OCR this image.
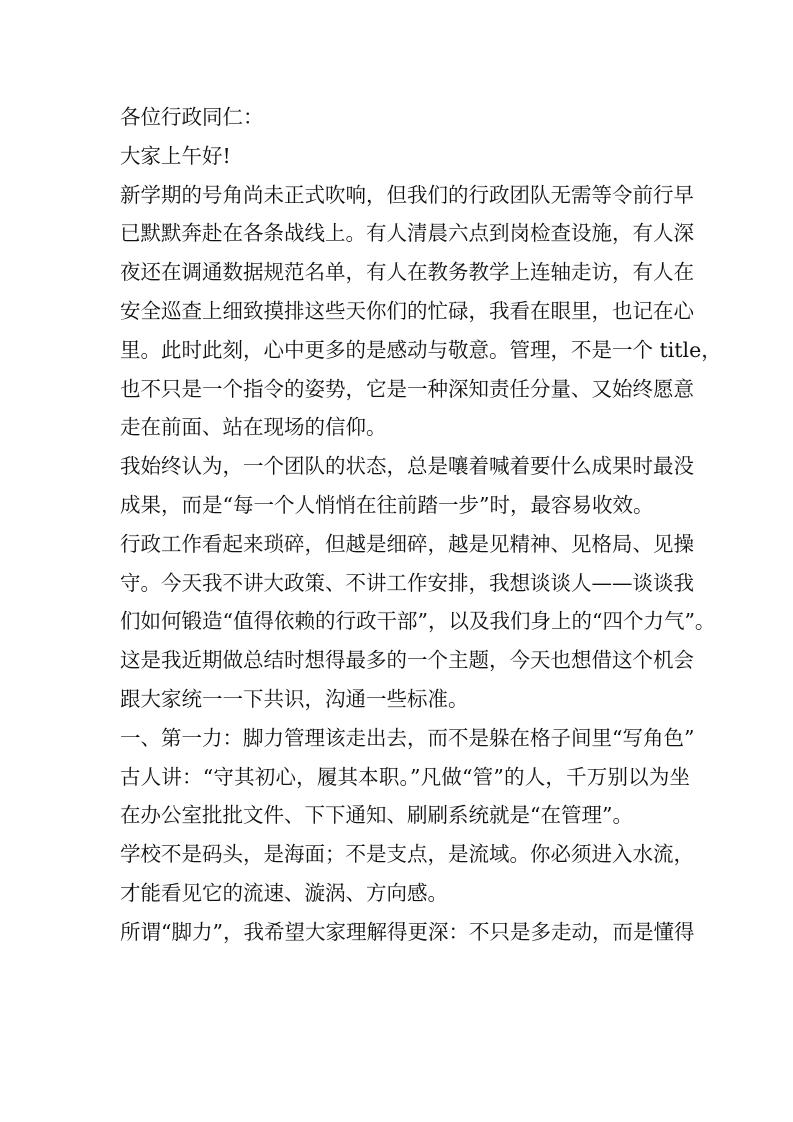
各位行政同仁：
大家上午好!
新学期的号角尚未正式吹响，但我们的行政团队无需等令前行早
已默默奔赴在各条战线上。有人清晨六点到岗检查设施，有人深
夜还在调通数据规范名单，有人在教务教学上连轴走访，有人在
安全巡查上细致摸排这些天你们的忙碌，我看在眼里，也记在心
里。此时此刻，心中更多的是感动与敬意。管理，不是一个 title，
也不只是一个指令的姿势，它是一种深知责任分量、又始终愿意
走在前面、站在现场的信仰。
我始终认为，一个团队的状态，总是嚷着喊着要什么成果时最没
成果，而是“每一个人悄悄在往前踏一步”时，最容易收效。
行政工作看起来琐碎，但越是细碎，越是见精神、见格局、见操
守。今天我不讲大政策、不讲工作安排，我想谈谈人——谈谈我
们如何锻造“值得依赖的行政干部”，以及我们身上的“四个力气”。
这是我近期做总结时想得最多的一个主题，今天也想借这个机会
跟大家统一一下共识，沟通一些标准。
一、第一力：脚力管理该走出去，而不是躲在格子间里“写角色”
古人讲：“守其初心，履其本职。”凡做“管”的人，千万别以为坐
在办公室批批文件、下下通知、刷刷系统就是“在管理”。
学校不是码头，是海面；不是支点，是流域。你必须进入水流，
才能看见它的流速、漩涡、方向感。
所谓“脚力”，我希望大家理解得更深：不只是多走动，而是懂得
